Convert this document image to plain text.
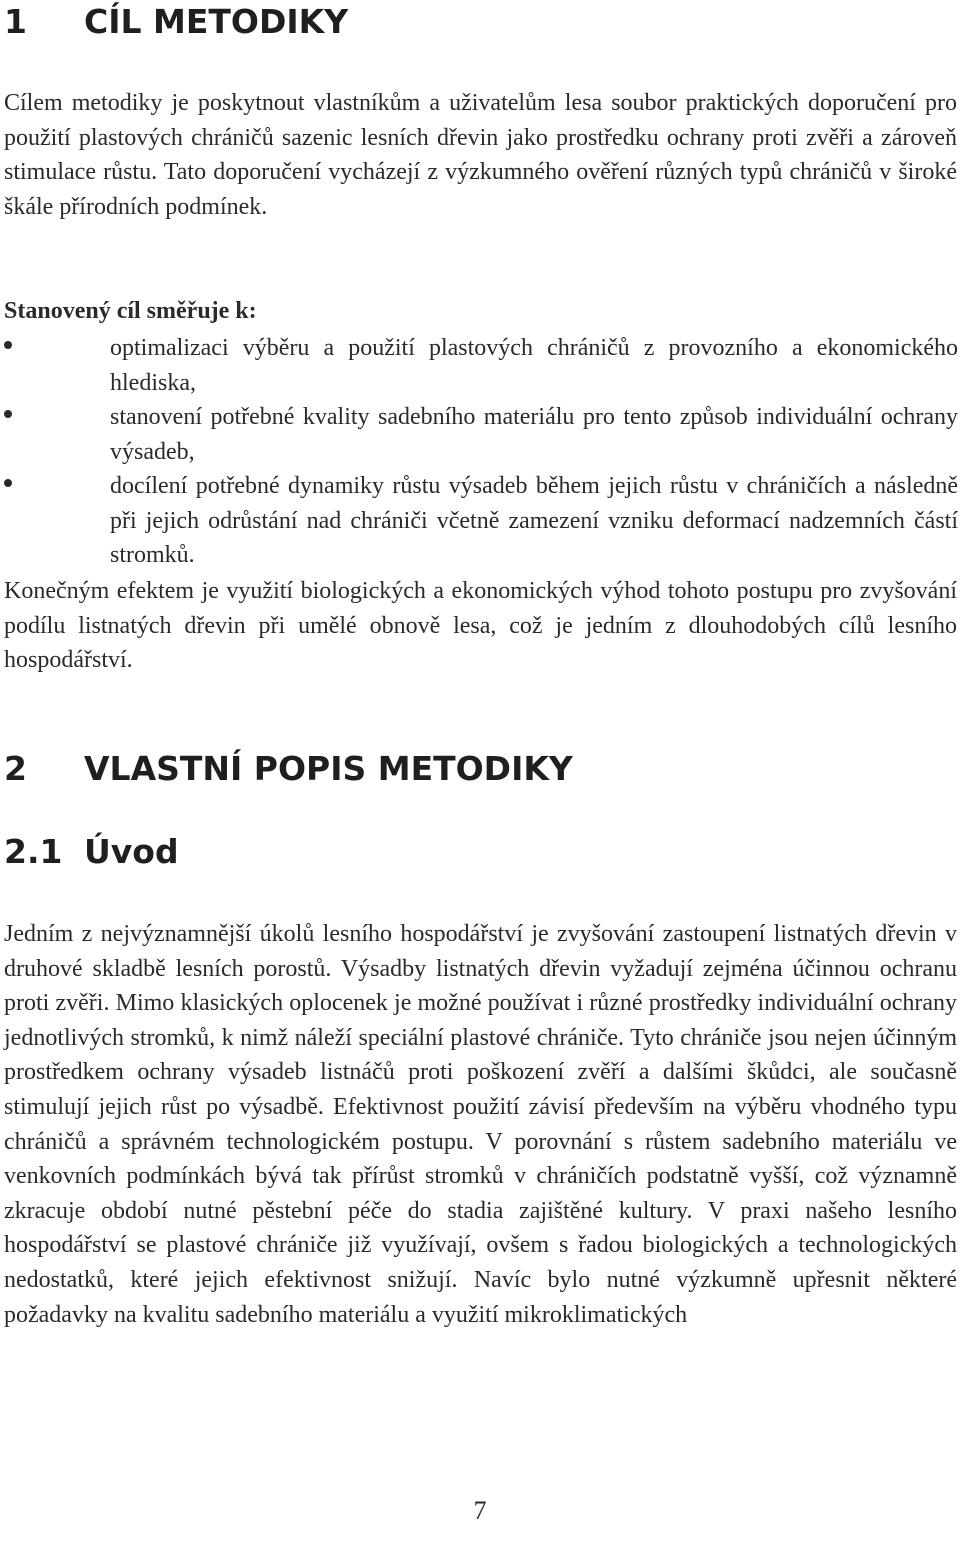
1 CÍL METODIKY

Cílem metodiky je poskytnout vlastníkům a uživatelům lesa soubor praktických doporučení pro použití plastových chráničů sazenic lesních dřevin jako prostředku ochrany proti zvěři a zároveň stimulace růstu. Tato doporučení vycházejí z výzkumného ověření různých typů chráničů v široké škále přírodních podmínek.

Stanovený cíl směřuje k:

optimalizaci výběru a použití plastových chráničů z provozního a ekonomického hlediska,
stanovení potřebné kvality sadebního materiálu pro tento způsob individuální ochrany výsadeb,
docílení potřebné dynamiky růstu výsadeb během jejich růstu v chráničích a následně při jejich odrůstání nad chrániči včetně zamezení vzniku deformací nadzemních částí stromků.

Konečným efektem je využití biologických a ekonomických výhod tohoto postupu pro zvyšování podílu listnatých dřevin při umělé obnově lesa, což je jedním z dlouhodobých cílů lesního hospodářství.

2 VLASTNÍ POPIS METODIKY
2.1 Úvod

Jedním z nejvýznamnější úkolů lesního hospodářství je zvyšování zastoupení listnatých dřevin v druhové skladbě lesních porostů. Výsadby listnatých dřevin vyžadují zejména účinnou ochranu proti zvěři. Mimo klasických oplocenek je možné používat i různé prostředky individuální ochrany jednotlivých stromků, k nimž náleží speciální plastové chrániče. Tyto chrániče jsou nejen účinným prostředkem ochrany výsadeb listnáčů proti poškození zvěří a dalšími škůdci, ale současně stimulují jejich růst po výsadbě. Efektivnost použití závisí především na výběru vhodného typu chráničů a správném technologickém postupu. V porovnání s růstem sadebního materiálu ve venkovních podmínkách bývá tak přírůst stromků v chráničích podstatně vyšší, což významně zkracuje období nutné pěstební péče do stadia zajištěné kultury. V praxi našeho lesního hospodářství se plastové chrániče již využívají, ovšem s řadou biologických a technologických nedostatků, které jejich efektivnost snižují. Navíc bylo nutné výzkumně upřesnit některé požadavky na kvalitu sadebního materiálu a využití mikroklimatických

7
